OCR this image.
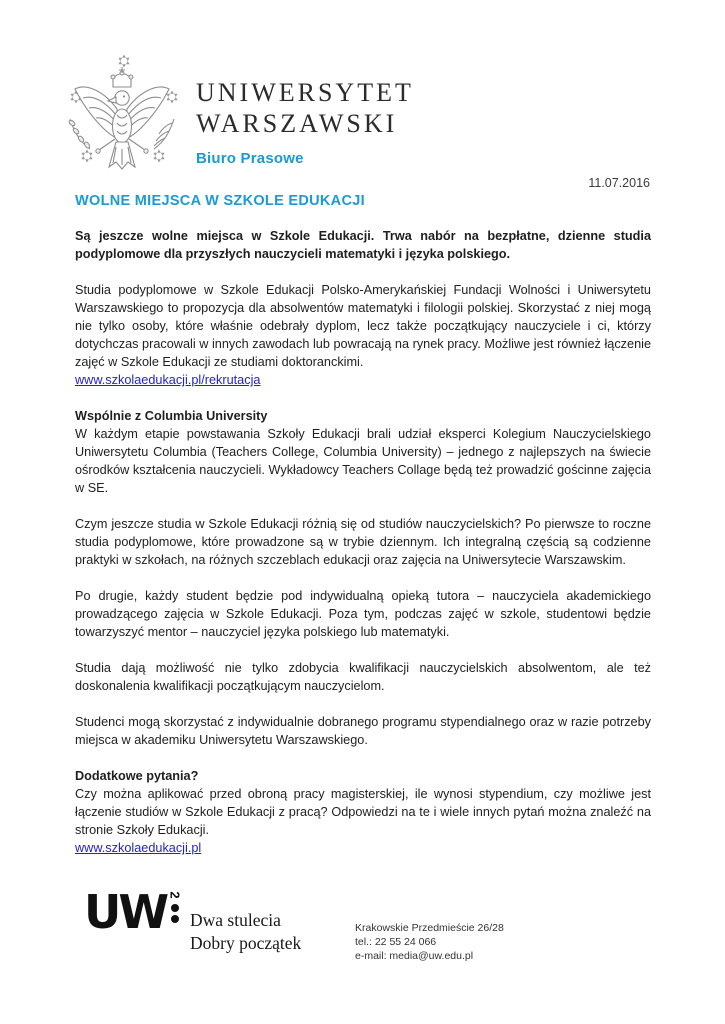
UNIWERSYTET
WARSZAWSKI
Biuro Prasowe
11.07.2016
WOLNE MIEJSCA W SZKOLE EDUKACJI

Są jeszcze wolne miejsca w Szkole Edukacji. Trwa nabór na bezpłatne, dzienne studia podyplomowe dla przyszłych nauczycieli matematyki i języka polskiego.

Studia podyplomowe w Szkole Edukacji Polsko-Amerykańskiej Fundacji Wolności i Uniwersytetu Warszawskiego to propozycja dla absolwentów matematyki i filologii polskiej. Skorzystać z niej mogą nie tylko osoby, które właśnie odebrały dyplom, lecz także początkujący nauczyciele i ci, którzy dotychczas pracowali w innych zawodach lub powracają na rynek pracy. Możliwe jest również łączenie zajęć w Szkole Edukacji ze studiami doktoranckimi.
www.szkolaedukacji.pl/rekrutacja

Wspólnie z Columbia University

W każdym etapie powstawania Szkoły Edukacji brali udział eksperci Kolegium Nauczycielskiego Uniwersytetu Columbia (Teachers College, Columbia University) – jednego z najlepszych na świecie ośrodków kształcenia nauczycieli. Wykładowcy Teachers Collage będą też prowadzić gościnne zajęcia w SE.

Czym jeszcze studia w Szkole Edukacji różnią się od studiów nauczycielskich? Po pierwsze to roczne studia podyplomowe, które prowadzone są w trybie dziennym. Ich integralną częścią są codzienne praktyki w szkołach, na różnych szczeblach edukacji oraz zajęcia na Uniwersytecie Warszawskim.

Po drugie, każdy student będzie pod indywidualną opieką tutora – nauczyciela akademickiego prowadzącego zajęcia w Szkole Edukacji. Poza tym, podczas zajęć w szkole, studentowi będzie towarzyszyć mentor – nauczyciel języka polskiego lub matematyki.

Studia dają możliwość nie tylko zdobycia kwalifikacji nauczycielskich absolwentom, ale też doskonalenia kwalifikacji początkującym nauczycielom.

Studenci mogą skorzystać z indywidualnie dobranego programu stypendialnego oraz w razie potrzeby miejsca w akademiku Uniwersytetu Warszawskiego.

Dodatkowe pytania?

Czy można aplikować przed obroną pracy magisterskiej, ile wynosi stypendium, czy możliwe jest łączenie studiów w Szkole Edukacji z pracą? Odpowiedzi na te i wiele innych pytań można znaleźć na stronie Szkoły Edukacji.
www.szkolaedukacji.pl
UW 2
Dwa stulecia
Dobry początek
Krakowskie Przedmieście 26/28
tel.: 22 55 24 066
e-mail: media@uw.edu.pl
